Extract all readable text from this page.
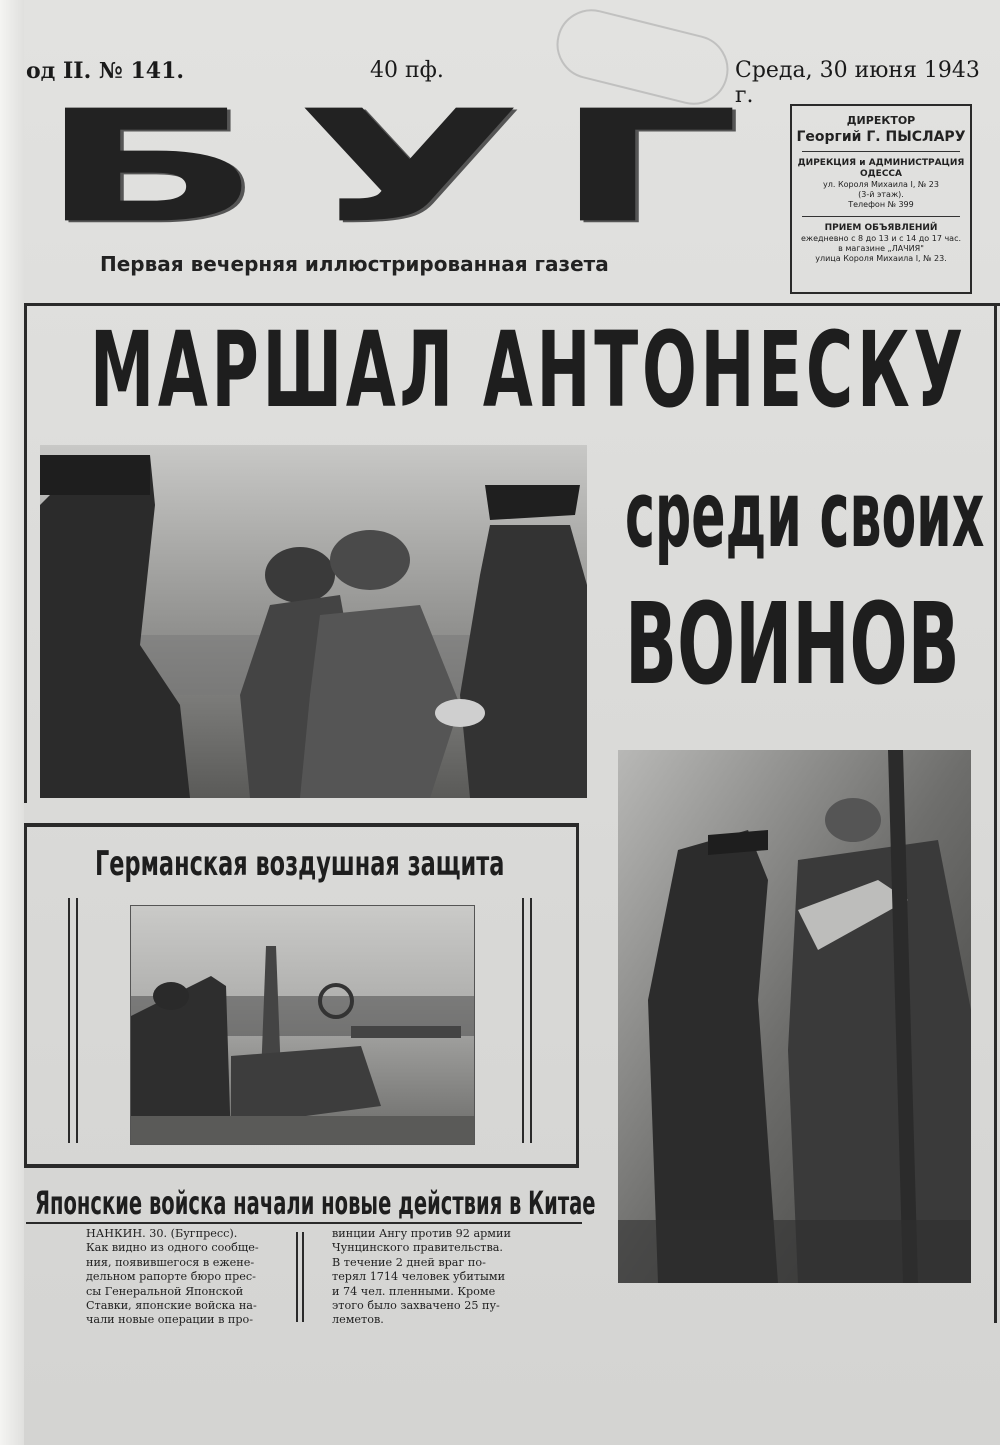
од II. № 141.	40 пф.	Среда, 30 июня 1943 г.
Б У Г
Первая вечерняя иллюстрированная газета
ДИРЕКТОР
Георгий Г. ПЫСЛАРУ
ДИРЕКЦИЯ и АДМИНИСТРАЦИЯ
ОДЕССА
ул. Короля Михаила I, № 23
(3-й этаж).
Телефон № 399
ПРИЕМ ОБЪЯВЛЕНИЙ
ежедневно с 8 до 13 и с 14 до 17 час.
в магазине „ЛАЧИЯ"
улица Короля Михаила I, № 23.
МАРШАЛ АНТОНЕСКУ
среди своих
ВОИНОВ
Германская воздушная защита
Японские войска начали новые действия в Китае

НАНКИН. 30. (Бугпресс).

Как видно из одного сообще-

ния, появившегося в ежене-

дельном рапорте бюро прес-

сы Генеральной Японской

Ставки, японские войска на-

чали новые операции в про-

винции Ангу против 92 армии

Чунцинского правительства.

В течение 2 дней враг по-

терял 1714 человек убитыми

и 74 чел. пленными. Кроме

этого было захвачено 25 пу-

леметов.
